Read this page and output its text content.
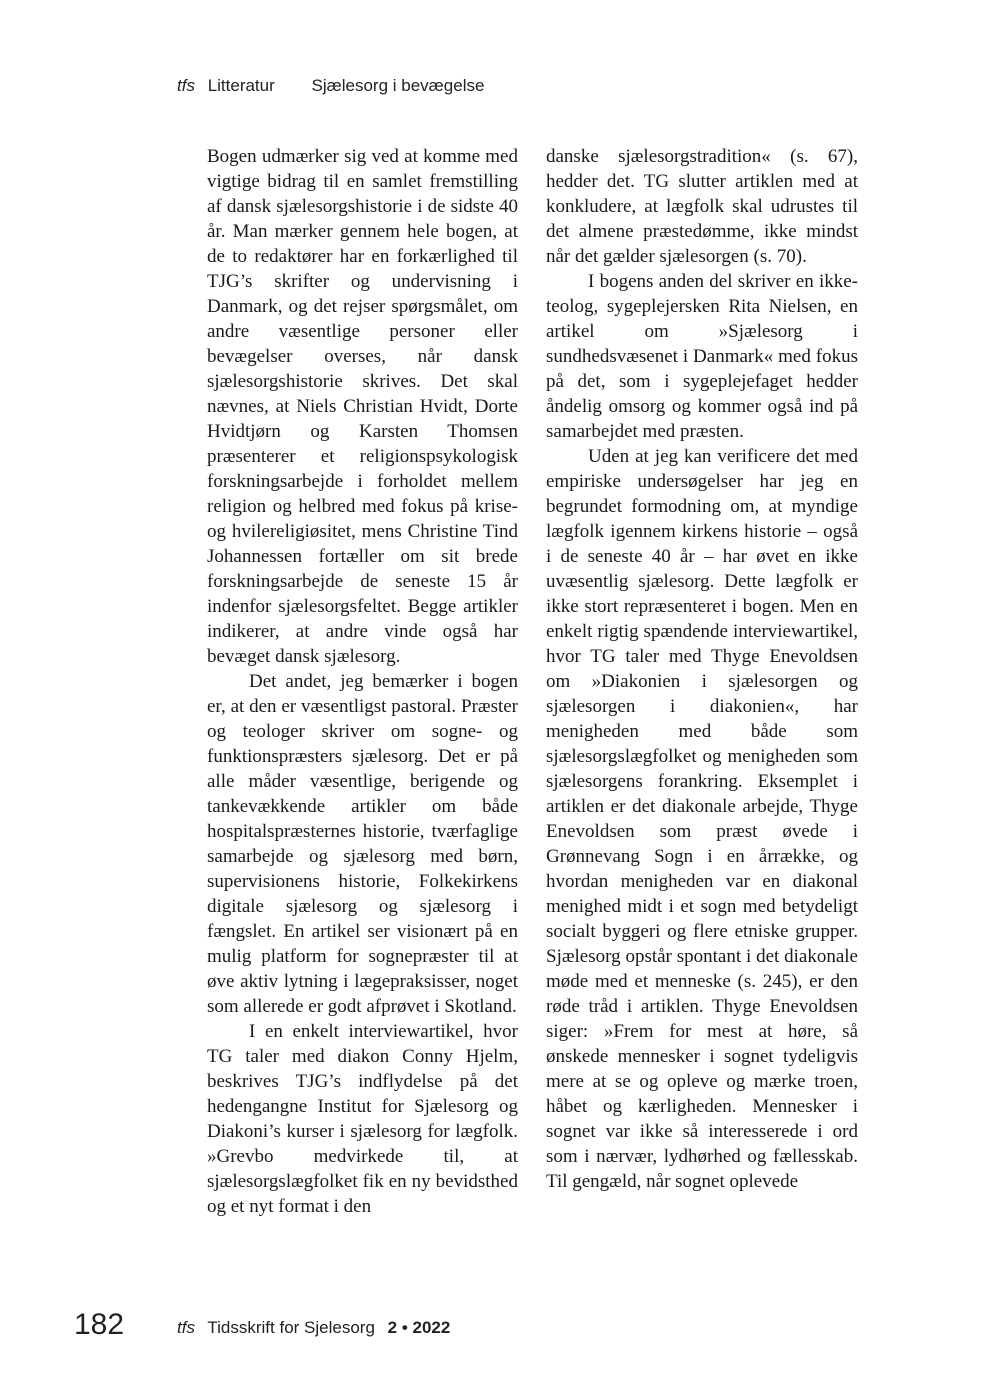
tfs Litteratur Sjælesorg i bevægelse

Bogen udmærker sig ved at komme med vigtige bidrag til en samlet fremstilling af dansk sjælesorgshistorie i de sidste 40 år. Man mærker gennem hele bogen, at de to redaktører har en forkærlighed til TJG’s skrifter og undervisning i Danmark, og det rejser spørgsmålet, om andre væsentlige personer eller bevægelser overses, når dansk sjælesorgshistorie skrives. Det skal nævnes, at Niels Christian Hvidt, Dorte Hvidtjørn og Karsten Thomsen præsenterer et religionspsykologisk forskningsarbejde i forholdet mellem religion og helbred med fokus på krise- og hvilereligiøsitet, mens Christine Tind Johannessen fortæller om sit brede forskningsarbejde de seneste 15 år indenfor sjælesorgsfeltet. Begge artikler indikerer, at andre vinde også har bevæget dansk sjælesorg.

Det andet, jeg bemærker i bogen er, at den er væsentligst pastoral. Præster og teologer skriver om sogne- og funktionspræsters sjælesorg. Det er på alle måder væsentlige, berigende og tankevækkende artikler om både hospitalspræsternes historie, tværfaglige samarbejde og sjælesorg med børn, supervisionens historie, Folkekirkens digitale sjælesorg og sjælesorg i fængslet. En artikel ser visionært på en mulig platform for sognepræster til at øve aktiv lytning i lægepraksisser, noget som allerede er godt afprøvet i Skotland.

I en enkelt interviewartikel, hvor TG taler med diakon Conny Hjelm, beskrives TJG’s indflydelse på det hedengangne Institut for Sjælesorg og Diakoni’s kurser i sjælesorg for lægfolk. »Grevbo medvirkede til, at sjælesorgslægfolket fik en ny bevidsthed og et nyt format i den

danske sjælesorgstradition« (s. 67), hedder det. TG slutter artiklen med at konkludere, at lægfolk skal udrustes til det almene præstedømme, ikke mindst når det gælder sjælesorgen (s. 70).

I bogens anden del skriver en ikke-teolog, sygeplejersken Rita Nielsen, en artikel om »Sjælesorg i sundhedsvæsenet i Danmark« med fokus på det, som i sygeplejefaget hedder åndelig omsorg og kommer også ind på samarbejdet med præsten.

Uden at jeg kan verificere det med empiriske undersøgelser har jeg en begrundet formodning om, at myndige lægfolk igennem kirkens historie – også i de seneste 40 år – har øvet en ikke uvæsentlig sjælesorg. Dette lægfolk er ikke stort repræsenteret i bogen. Men en enkelt rigtig spændende interviewartikel, hvor TG taler med Thyge Enevoldsen om »Diakonien i sjælesorgen og sjælesorgen i diakonien«, har menigheden med både som sjælesorgslægfolket og menigheden som sjælesorgens forankring. Eksemplet i artiklen er det diakonale arbejde, Thyge Enevoldsen som præst øvede i Grønnevang Sogn i en årrække, og hvordan menigheden var en diakonal menighed midt i et sogn med betydeligt socialt byggeri og flere etniske grupper. Sjælesorg opstår spontant i det diakonale møde med et menneske (s. 245), er den røde tråd i artiklen. Thyge Enevoldsen siger: »Frem for mest at høre, så ønskede mennesker i sognet tydeligvis mere at se og opleve og mærke troen, håbet og kærligheden. Mennesker i sognet var ikke så interesserede i ord som i nærvær, lydhørhed og fællesskab. Til gengæld, når sognet oplevede

182	tfs Tidsskrift for Sjelesorg 2 • 2022
